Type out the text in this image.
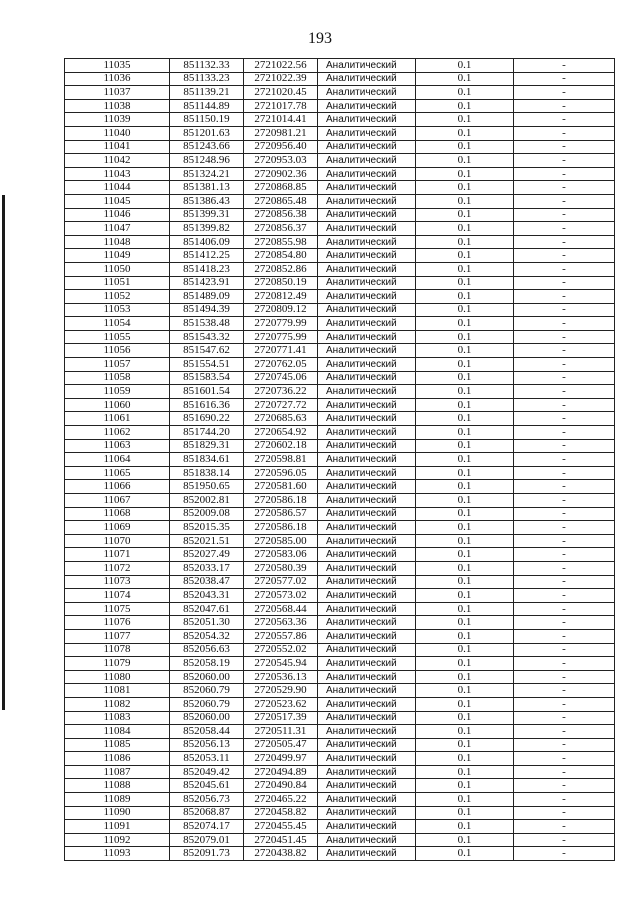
193
11035	851132.33	2721022.56	Аналитический	0.1	-
11036	851133.23	2721022.39	Аналитический	0.1	-
11037	851139.21	2721020.45	Аналитический	0.1	-
11038	851144.89	2721017.78	Аналитический	0.1	-
11039	851150.19	2721014.41	Аналитический	0.1	-
11040	851201.63	2720981.21	Аналитический	0.1	-
11041	851243.66	2720956.40	Аналитический	0.1	-
11042	851248.96	2720953.03	Аналитический	0.1	-
11043	851324.21	2720902.36	Аналитический	0.1	-
11044	851381.13	2720868.85	Аналитический	0.1	-
11045	851386.43	2720865.48	Аналитический	0.1	-
11046	851399.31	2720856.38	Аналитический	0.1	-
11047	851399.82	2720856.37	Аналитический	0.1	-
11048	851406.09	2720855.98	Аналитический	0.1	-
11049	851412.25	2720854.80	Аналитический	0.1	-
11050	851418.23	2720852.86	Аналитический	0.1	-
11051	851423.91	2720850.19	Аналитический	0.1	-
11052	851489.09	2720812.49	Аналитический	0.1	-
11053	851494.39	2720809.12	Аналитический	0.1	-
11054	851538.48	2720779.99	Аналитический	0.1	-
11055	851543.32	2720775.99	Аналитический	0.1	-
11056	851547.62	2720771.41	Аналитический	0.1	-
11057	851554.51	2720762.05	Аналитический	0.1	-
11058	851583.54	2720745.06	Аналитический	0.1	-
11059	851601.54	2720736.22	Аналитический	0.1	-
11060	851616.36	2720727.72	Аналитический	0.1	-
11061	851690.22	2720685.63	Аналитический	0.1	-
11062	851744.20	2720654.92	Аналитический	0.1	-
11063	851829.31	2720602.18	Аналитический	0.1	-
11064	851834.61	2720598.81	Аналитический	0.1	-
11065	851838.14	2720596.05	Аналитический	0.1	-
11066	851950.65	2720581.60	Аналитический	0.1	-
11067	852002.81	2720586.18	Аналитический	0.1	-
11068	852009.08	2720586.57	Аналитический	0.1	-
11069	852015.35	2720586.18	Аналитический	0.1	-
11070	852021.51	2720585.00	Аналитический	0.1	-
11071	852027.49	2720583.06	Аналитический	0.1	-
11072	852033.17	2720580.39	Аналитический	0.1	-
11073	852038.47	2720577.02	Аналитический	0.1	-
11074	852043.31	2720573.02	Аналитический	0.1	-
11075	852047.61	2720568.44	Аналитический	0.1	-
11076	852051.30	2720563.36	Аналитический	0.1	-
11077	852054.32	2720557.86	Аналитический	0.1	-
11078	852056.63	2720552.02	Аналитический	0.1	-
11079	852058.19	2720545.94	Аналитический	0.1	-
11080	852060.00	2720536.13	Аналитический	0.1	-
11081	852060.79	2720529.90	Аналитический	0.1	-
11082	852060.79	2720523.62	Аналитический	0.1	-
11083	852060.00	2720517.39	Аналитический	0.1	-
11084	852058.44	2720511.31	Аналитический	0.1	-
11085	852056.13	2720505.47	Аналитический	0.1	-
11086	852053.11	2720499.97	Аналитический	0.1	-
11087	852049.42	2720494.89	Аналитический	0.1	-
11088	852045.61	2720490.84	Аналитический	0.1	-
11089	852056.73	2720465.22	Аналитический	0.1	-
11090	852068.87	2720458.82	Аналитический	0.1	-
11091	852074.17	2720455.45	Аналитический	0.1	-
11092	852079.01	2720451.45	Аналитический	0.1	-
11093	852091.73	2720438.82	Аналитический	0.1	-
